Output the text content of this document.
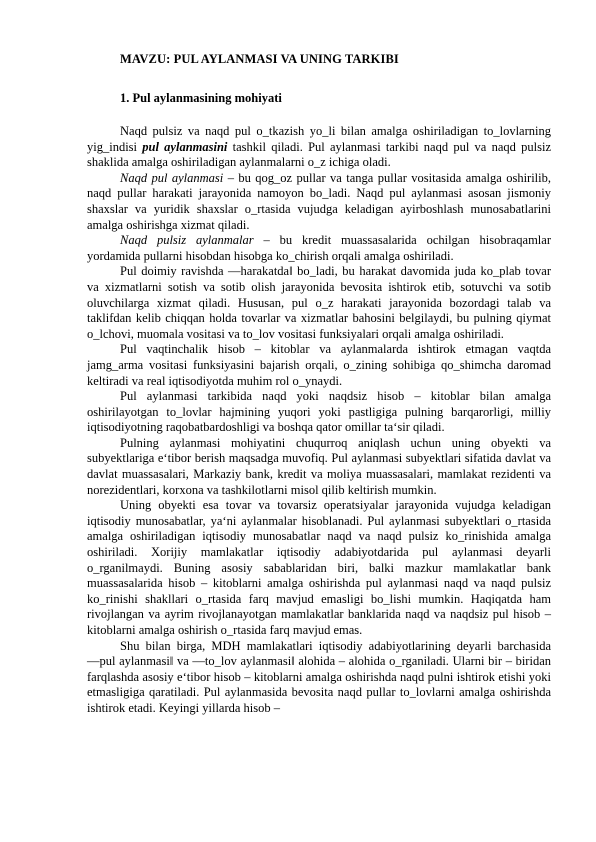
MAVZU: PUL AYLANMASI VA UNING TARKIBI
1. Pul aylanmasining mohiyati

Naqd pulsiz va naqd pul o_tkazish yo_li bilan amalga oshiriladigan to_lovlarning yig_indisi pul aylanmasini tashkil qiladi. Pul aylanmasi tarkibi naqd pul va naqd pulsiz shaklida amalga oshiriladigan aylanmalarni o_z ichiga oladi.

Naqd pul aylanmasi – bu qog_oz pullar va tanga pullar vositasida amalga oshirilib, naqd pullar harakati jarayonida namoyon bo_ladi. Naqd pul aylanmasi asosan jismoniy shaxslar va yuridik shaxslar o_rtasida vujudga keladigan ayirboshlash munosabatlarini amalga oshirishga xizmat qiladi.

Naqd pulsiz aylanmalar – bu kredit muassasalarida ochilgan hisobraqamlar yordamida pullarni hisobdan hisobga ko_chirish orqali amalga oshiriladi.

Pul doimiy ravishda ―harakatda‖ bo_ladi, bu harakat davomida juda ko_plab tovar va xizmatlarni sotish va sotib olish jarayonida bevosita ishtirok etib, sotuvchi va sotib oluvchilarga xizmat qiladi. Hususan, pul o_z harakati jarayonida bozordagi talab va taklifdan kelib chiqqan holda tovarlar va xizmatlar bahosini belgilaydi, bu pulning qiymat o_lchovi, muomala vositasi va to_lov vositasi funksiyalari orqali amalga oshiriladi.

Pul vaqtinchalik hisob – kitoblar va aylanmalarda ishtirok etmagan vaqtda jamg_arma vositasi funksiyasini bajarish orqali, o_zining sohibiga qo_shimcha daromad keltiradi va real iqtisodiyotda muhim rol o_ynaydi.

Pul aylanmasi tarkibida naqd yoki naqdsiz hisob – kitoblar bilan amalga oshirilayotgan to_lovlar hajmining yuqori yoki pastligiga pulning barqarorligi, milliy iqtisodiyotning raqobatbardoshligi va boshqa qator omillar taʻsir qiladi.

Pulning aylanmasi mohiyatini chuqurroq aniqlash uchun uning obyekti va subyektlariga eʻtibor berish maqsadga muvofiq. Pul aylanmasi subyektlari sifatida davlat va davlat muassasalari, Markaziy bank, kredit va moliya muassasalari, mamlakat rezidenti va norezidentlari, korxona va tashkilotlarni misol qilib keltirish mumkin.

Uning obyekti esa tovar va tovarsiz operatsiyalar jarayonida vujudga keladigan iqtisodiy munosabatlar, yaʻni aylanmalar hisoblanadi. Pul aylanmasi subyektlari o_rtasida amalga oshiriladigan iqtisodiy munosabatlar naqd va naqd pulsiz ko_rinishida amalga oshiriladi. Xorijiy mamlakatlar iqtisodiy adabiyotdarida pul aylanmasi deyarli o_rganilmaydi. Buning asosiy sabablaridan biri, balki mazkur mamlakatlar bank muassasalarida hisob – kitoblarni amalga oshirishda pul aylanmasi naqd va naqd pulsiz ko_rinishi shakllari o_rtasida farq mavjud emasligi bo_lishi mumkin. Haqiqatda ham rivojlangan va ayrim rivojlanayotgan mamlakatlar banklarida naqd va naqdsiz pul hisob – kitoblarni amalga oshirish o_rtasida farq mavjud emas.

Shu bilan birga, MDH mamlakatlari iqtisodiy adabiyotlarining deyarli barchasida ―pul aylanmasi‖ va ―to_lov aylanmasi‖ alohida – alohida o_rganiladi. Ularni bir – biridan farqlashda asosiy eʻtibor hisob – kitoblarni amalga oshirishda naqd pulni ishtirok etishi yoki etmasligiga qaratiladi. Pul aylanmasida bevosita naqd pullar to_lovlarni amalga oshirishda ishtirok etadi. Keyingi yillarda hisob –
